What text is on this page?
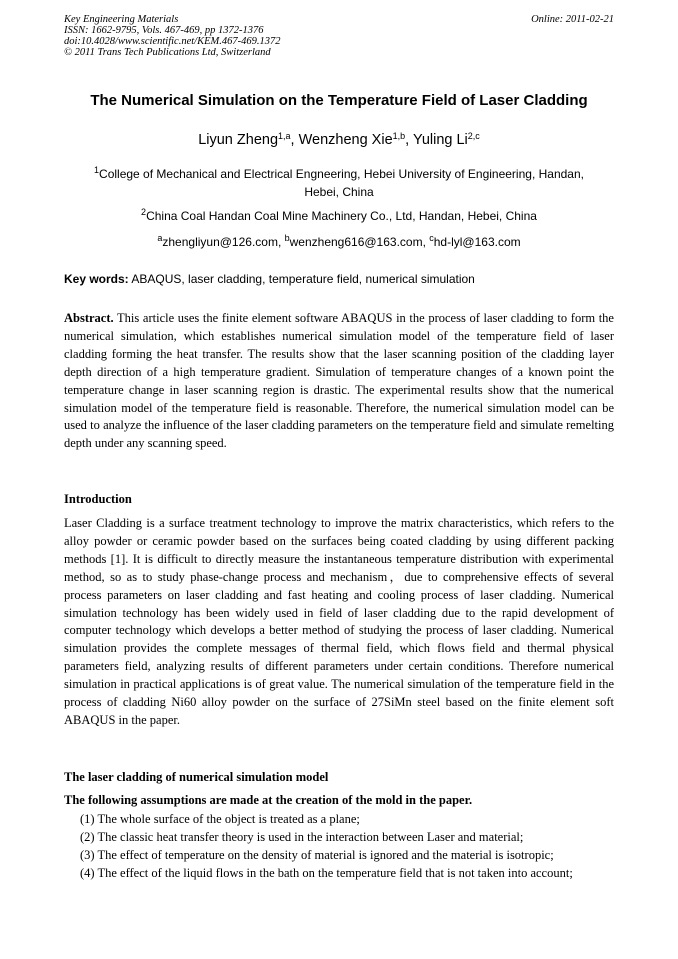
Key Engineering Materials
ISSN: 1662-9795, Vols. 467-469, pp 1372-1376
doi:10.4028/www.scientific.net/KEM.467-469.1372
© 2011 Trans Tech Publications Ltd, Switzerland
Online: 2011-02-21
The Numerical Simulation on the Temperature Field of Laser Cladding
Liyun Zheng$^{1,a}$, Wenzheng Xie$^{1,b}$, Yuling Li$^{2,c}$
$^1$College of Mechanical and Electrical Engneering, Hebei University of Engineering, Handan, Hebei, China
$^2$China Coal Handan Coal Mine Machinery Co., Ltd, Handan, Hebei, China
$^a$zhengliyun@126.com, $^b$wenzheng616@163.com, $^c$hd-lyl@163.com
Key words: ABAQUS, laser cladding, temperature field, numerical simulation
Abstract. This article uses the finite element software ABAQUS in the process of laser cladding to form the numerical simulation, which establishes numerical simulation model of the temperature field of laser cladding forming the heat transfer. The results show that the laser scanning position of the cladding layer depth direction of a high temperature gradient. Simulation of temperature changes of a known point the temperature change in laser scanning region is drastic. The experimental results show that the numerical simulation model of the temperature field is reasonable. Therefore, the numerical simulation model can be used to analyze the influence of the laser cladding parameters on the temperature field and simulate remelting depth under any scanning speed.
Introduction
Laser Cladding is a surface treatment technology to improve the matrix characteristics, which refers to the alloy powder or ceramic powder based on the surfaces being coated cladding by using different packing methods [1]. It is difficult to directly measure the instantaneous temperature distribution with experimental method, so as to study phase-change process and mechanism，due to comprehensive effects of several process parameters on laser cladding and fast heating and cooling process of laser cladding. Numerical simulation technology has been widely used in field of laser cladding due to the rapid development of computer technology which develops a better method of studying the process of laser cladding. Numerical simulation provides the complete messages of thermal field, which flows field and thermal physical parameters field, analyzing results of different parameters under certain conditions. Therefore numerical simulation in practical applications is of great value. The numerical simulation of the temperature field in the process of cladding Ni60 alloy powder on the surface of 27SiMn steel based on the finite element soft ABAQUS in the paper.
The laser cladding of numerical simulation model
The following assumptions are made at the creation of the mold in the paper.
(1) The whole surface of the object is treated as a plane;
(2) The classic heat transfer theory is used in the interaction between Laser and material;
(3) The effect of temperature on the density of material is ignored and the material is isotropic;
(4) The effect of the liquid flows in the bath on the temperature field that is not taken into account;
